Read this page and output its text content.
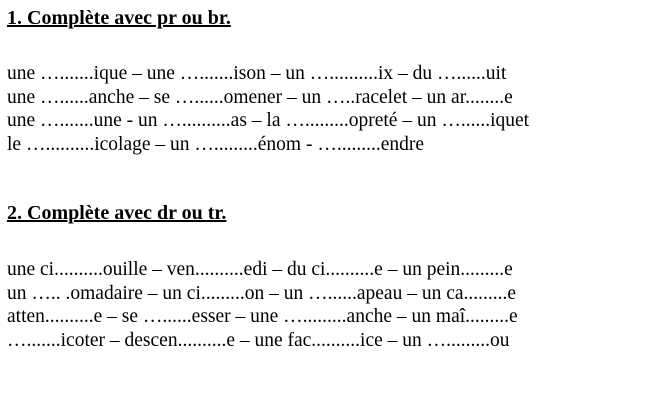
1. Complète avec pr ou br.
une ….......ique – une ….......ison – un …..........ix – du …......uit
une …......anche – se …......omener – un …..racelet – un ar........e
une ….......une - un …..........as – la ….........opreté – un …......iquet
le …..........icolage – un ….........énom - ….........endre
2. Complète avec dr ou tr.
une ci..........ouille – ven..........edi – du ci..........e – un pein.........e
un ….. .omadaire – un ci.........on – un …......apeau – un ca.........e
atten..........e – se …......esser – une ….........anche – un maî.........e
….......icoter – descen..........e – une fac..........ice – un ….........ou
